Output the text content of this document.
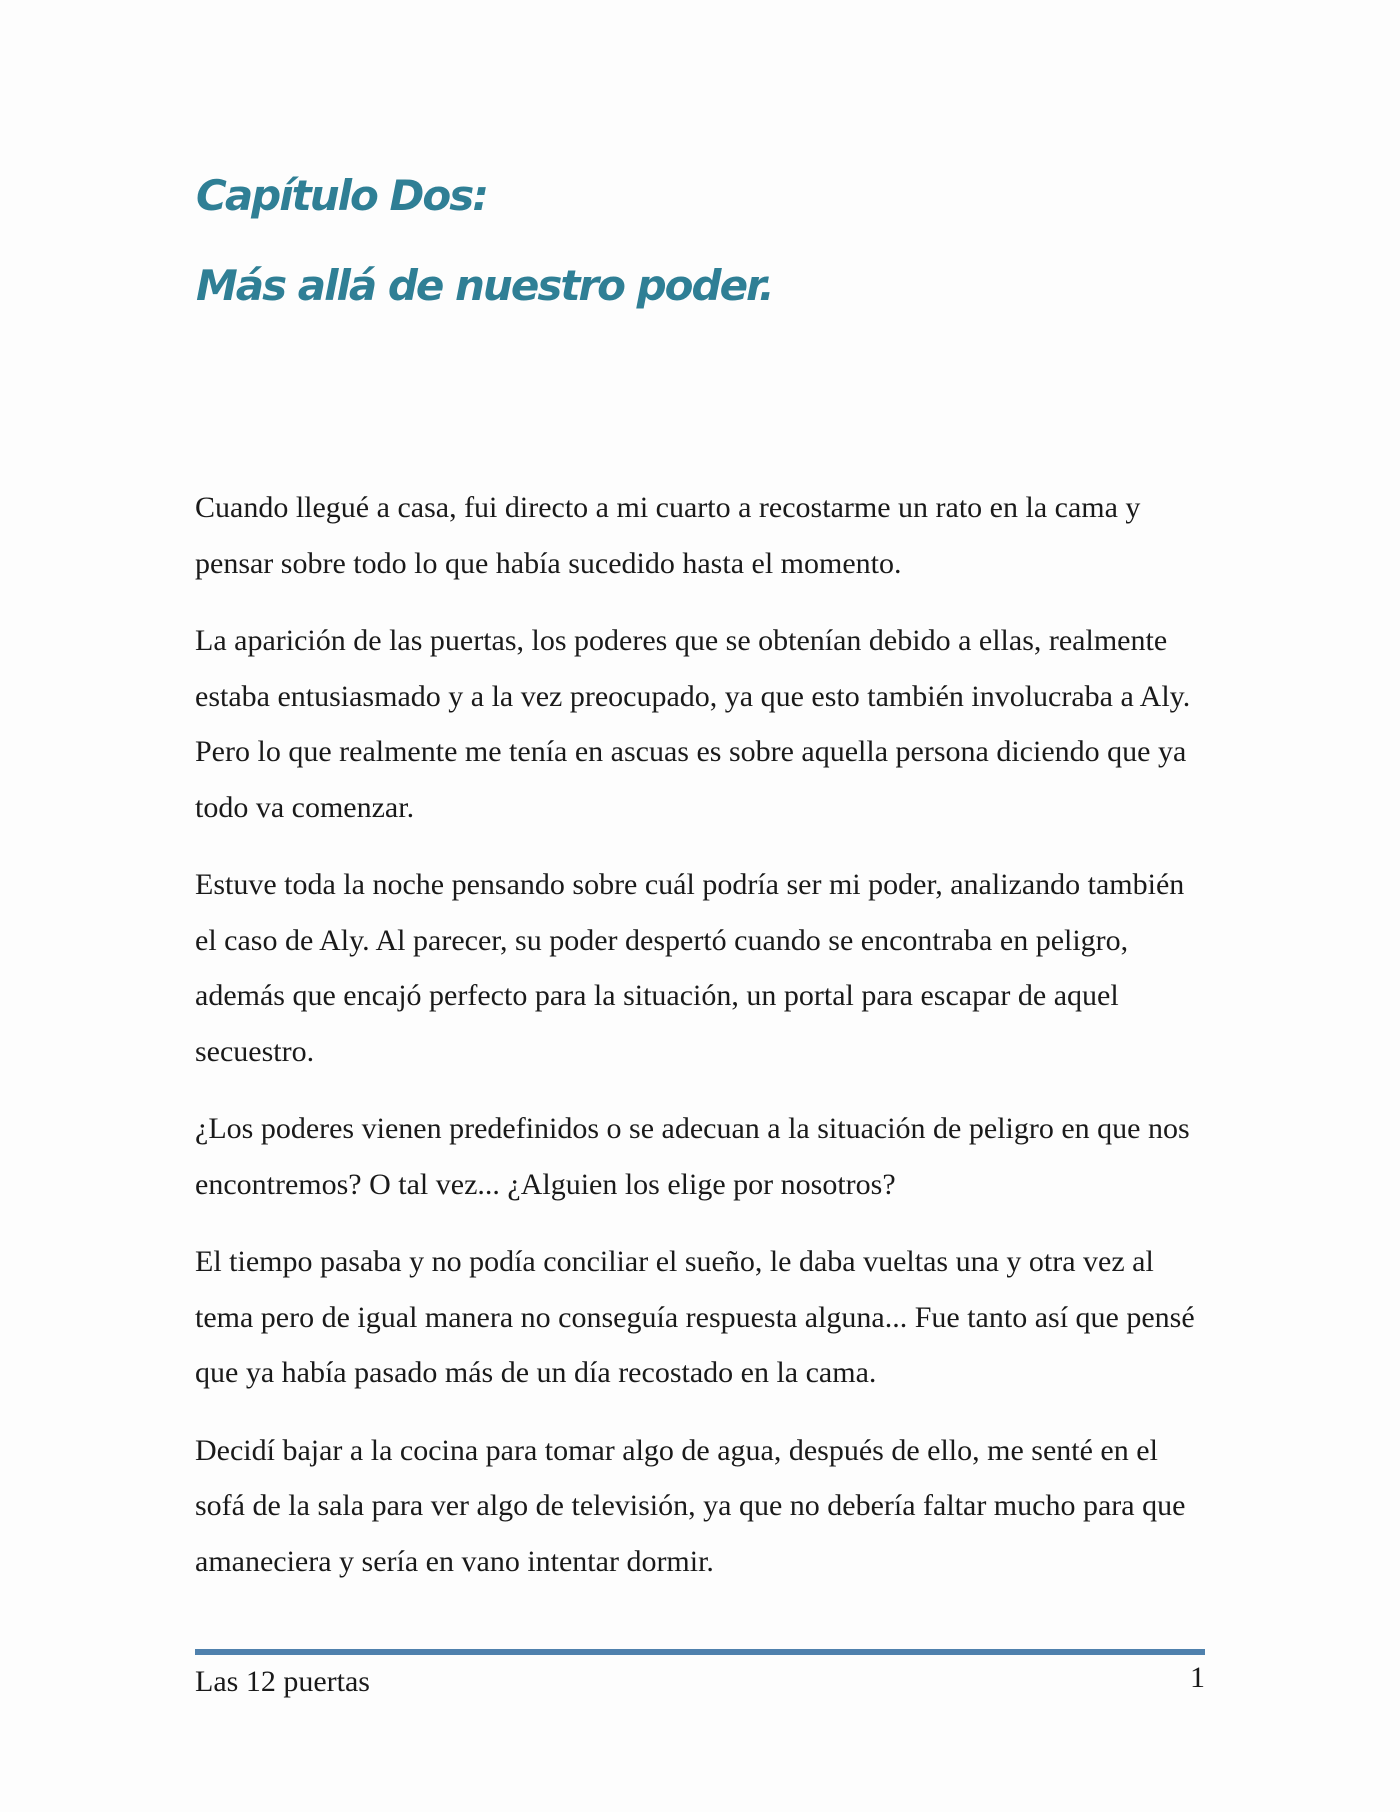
Capítulo Dos:
Más allá de nuestro poder.

Cuando llegué a casa, fui directo a mi cuarto a recostarme un rato en la cama y pensar sobre todo lo que había sucedido hasta el momento.

La aparición de las puertas, los poderes que se obtenían debido a ellas, realmente estaba entusiasmado y a la vez preocupado, ya que esto también involucraba a Aly. Pero lo que realmente me tenía en ascuas es sobre aquella persona diciendo que ya todo va comenzar.

Estuve toda la noche pensando sobre cuál podría ser mi poder, analizando también el caso de Aly. Al parecer, su poder despertó cuando se encontraba en peligro, además que encajó perfecto para la situación, un portal para escapar de aquel secuestro.

¿Los poderes vienen predefinidos o se adecuan a la situación de peligro en que nos encontremos? O tal vez... ¿Alguien los elige por nosotros?

El tiempo pasaba y no podía conciliar el sueño, le daba vueltas una y otra vez al tema pero de igual manera no conseguía respuesta alguna... Fue tanto así que pensé que ya había pasado más de un día recostado en la cama.

Decidí bajar a la cocina para tomar algo de agua, después de ello, me senté en el sofá de la sala para ver algo de televisión, ya que no debería faltar mucho para que amaneciera y sería en vano intentar dormir.

Las 12 puertas	1
